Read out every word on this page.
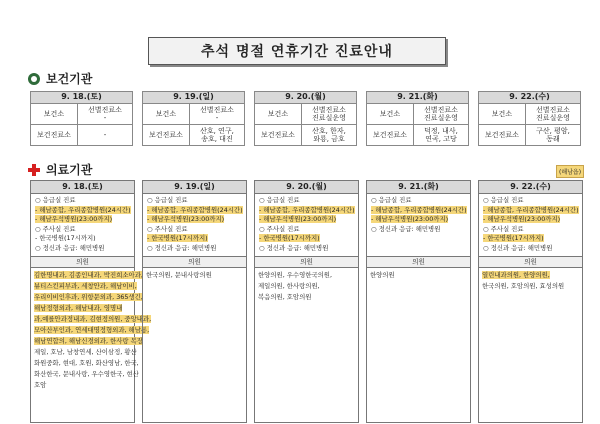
추석 명절 연휴기간 진료안내
보건기관
9. 18.(토)	
보건소	선별진료소
-

보건진료소	-
9. 19.(일)	
보건소	선별진료소
-

보건진료소	산호, 연구,
송호, 대진
9. 20.(월)	
보건소	선별진료소
진료실운영

보건진료소	산호, 한자,
와룡, 금호
9. 21.(화)	
보건소	선별진료소
진료실운영

보건진료소	덕정, 내사,
연곡, 고당
9. 22.(수)	
보건소	선별진료소
진료실운영

보건진료소	구산, 평암,
동래
의료기관	(해남읍)
9. 18.(토)
○ 응급실 진료
- 해남종합, 우리종합병원(24시간)
- 해남우석병원(23:00까지)
○ 주사실 진료
- 한국병원(17시까지)
○ 정신과 응급: 해민병원
의원
김한명내과, 김종인내과, 박진희소아과,
뷰티스킨피부과, 세창안과, 해남이비,
우리이비인후과, 위항문외과, 365생긴,
해남정형외과, 해남내과, 영명내
과,예를안과정내과, 김현정의원, 중앙내과,
모아산부인과, 연세대명정형외과, 해남통,
해남연합의, 해남신경외과, 한사랑 복장
제일, 호남, 남창연세, 산이삼정, 황산
화원중화, 현대, 호원, 화산영남, 한국,
화산한국, 문내사랑, 우수영한국, 현산
호암

9. 19.(일)
○ 응급실 진료
- 해남종합, 우리종합병원(24시간)
- 해남우석병원(23:00까지)
○ 주사실 진료
- 한국병원(17시까지)
○ 정신과 응급: 해민병원
의원
한국의원, 문내사랑의원

9. 20.(월)
○ 응급실 진료
- 해남종합, 우리종합병원(24시간)
- 해남우석병원(23:00까지)
○ 주사실 진료
- 한국병원(17시까지)
○ 정신과 응급: 해민병원
의원
한양의원, 우수영한국의원,
제일의원, 한사랑의원,
복음의원, 호암의원

9. 21.(화)
○ 응급실 진료
- 해남종합, 우리종합병원(24시간)
- 해남우석병원(23:00까지)
○ 정신과 응급: 해민병원
의원
한양의원

9. 22.(수)
○ 응급실 진료
- 해남종합, 우리종합병원(24시간)
- 해남우석병원(23:00까지)
○ 주사실 진료
- 한국병원(17시까지)
○ 정신과 응급: 해민병원
의원
열린내과의원, 한양의원,
한국의원, 호암의원, 효성의원
